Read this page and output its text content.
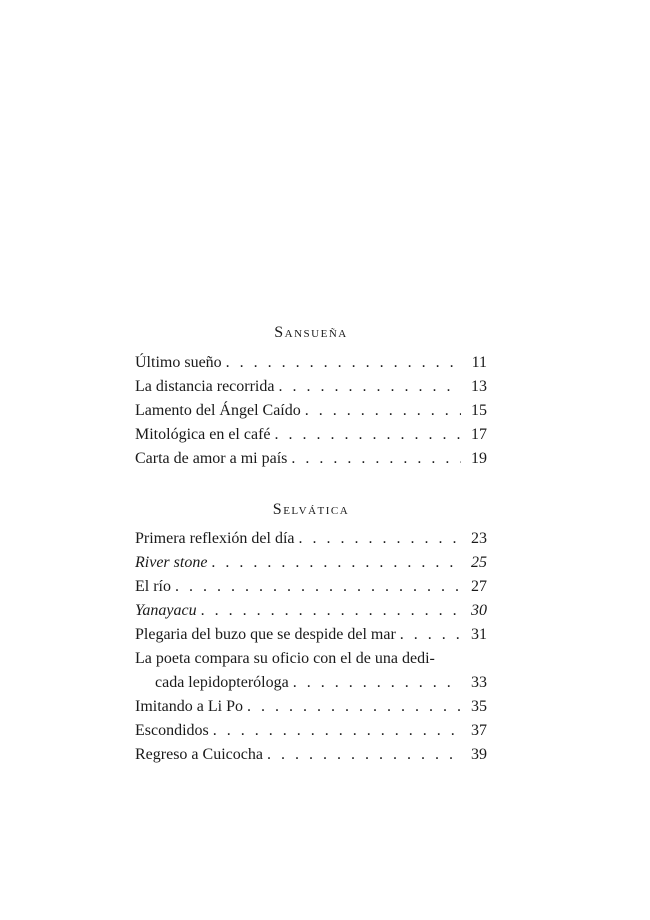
Sansueña
Último sueño . . .	11
La distancia recorrida . . .	13
Lamento del Ángel Caído . . .	15
Mitológica en el café . . .	17
Carta de amor a mi país . . .	19
Selvática
Primera reflexión del día . . .	23
River stone . . .	25
El río . . .	27
Yanayacu . . .	30
Plegaria del buzo que se despide del mar . . .	31
La poeta compara su oficio con el de una dedi-
cada lepidopteróloga . . .	33
Imitando a Li Po . . .	35
Escondidos . . .	37
Regreso a Cuicocha . . .	39
